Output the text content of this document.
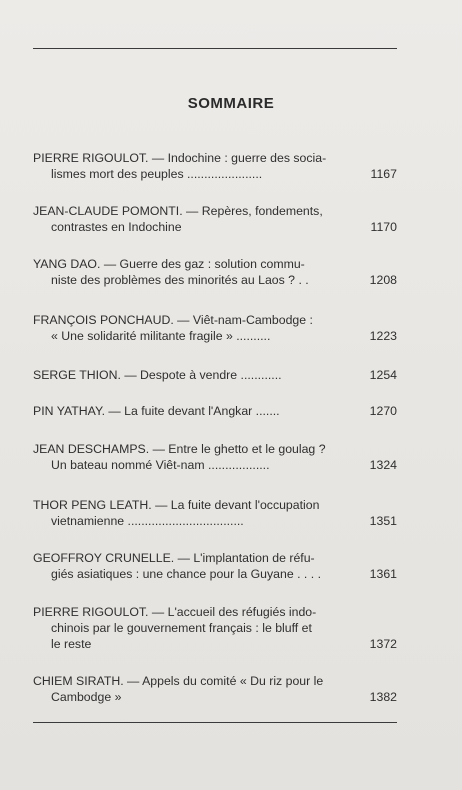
SOMMAIRE
PIERRE RIGOULOT. — Indochine : guerre des socia-
lismes mort des peuples ......................	1167
JEAN-CLAUDE POMONTI. — Repères, fondements,
contrastes en Indochine	1170
YANG DAO. — Guerre des gaz : solution commu-
niste des problèmes des minorités au Laos ? . .	1208
FRANÇOIS PONCHAUD. — Viêt-nam-Cambodge :
« Une solidarité militante fragile » ..........	1223
SERGE THION. — Despote à vendre ............	1254
PIN YATHAY. — La fuite devant l'Angkar .......	1270
JEAN DESCHAMPS. — Entre le ghetto et le goulag ?
Un bateau nommé Viêt-nam ..................	1324
THOR PENG LEATH. — La fuite devant l'occupation
vietnamienne ..................................	1351
GEOFFROY CRUNELLE. — L'implantation de réfu-
giés asiatiques : une chance pour la Guyane . . . .	1361
PIERRE RIGOULOT. — L'accueil des réfugiés indo-
chinois par le gouvernement français : le bluff et
le reste	1372
CHIEM SIRATH. — Appels du comité « Du riz pour le
Cambodge »	1382
